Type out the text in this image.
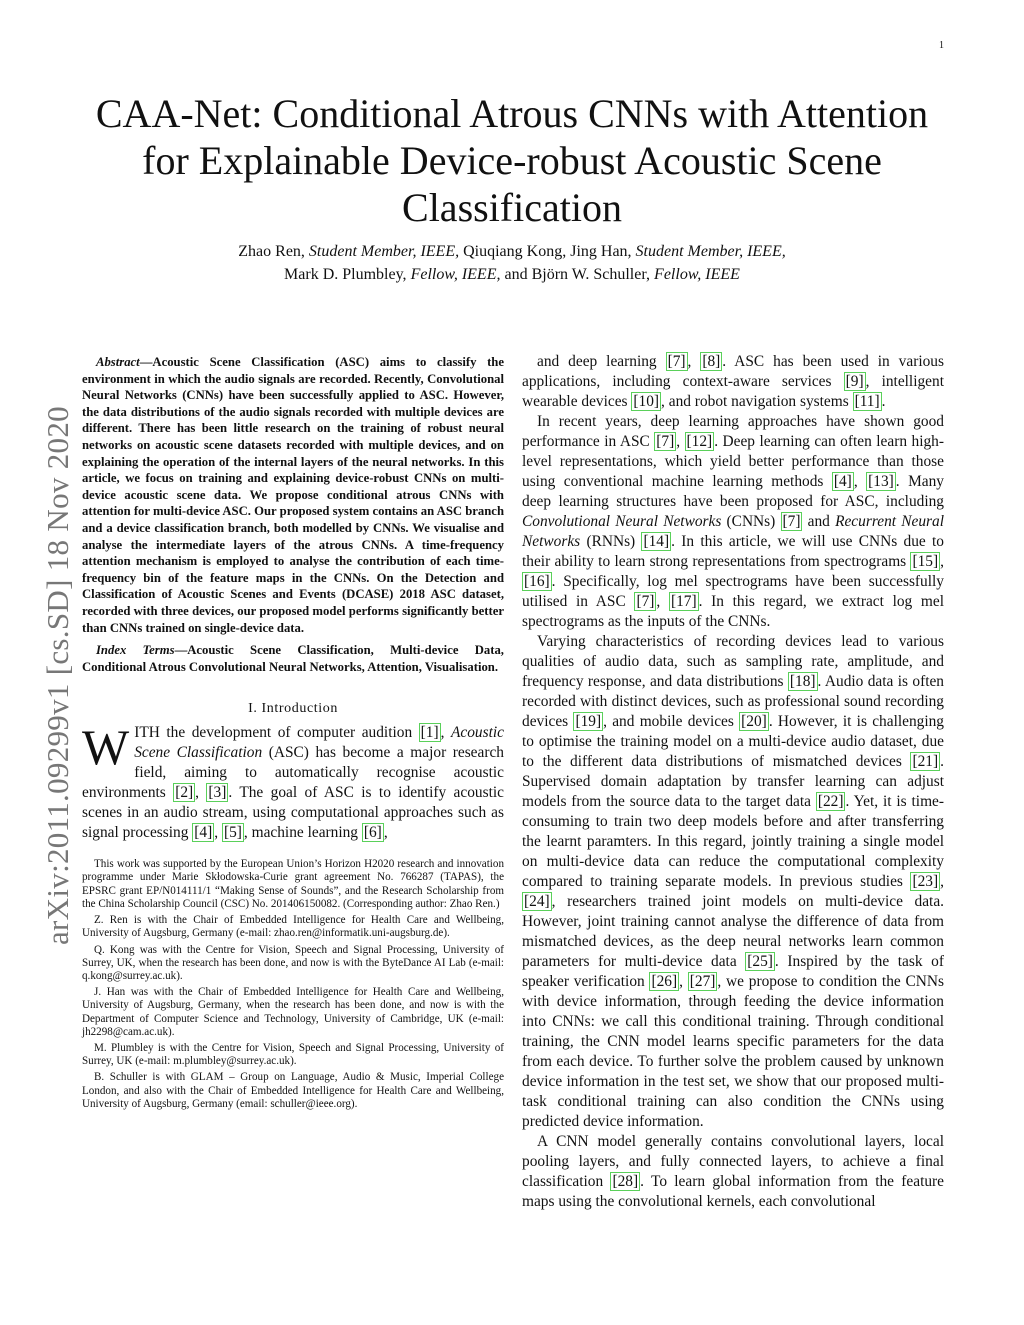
1
arXiv:2011.09299v1 [cs.SD] 18 Nov 2020
CAA-Net: Conditional Atrous CNNs with Attention for Explainable Device-robust Acoustic Scene Classification
Zhao Ren, Student Member, IEEE, Qiuqiang Kong, Jing Han, Student Member, IEEE,
Mark D. Plumbley, Fellow, IEEE, and Björn W. Schuller, Fellow, IEEE

Abstract—Acoustic Scene Classification (ASC) aims to classify the environment in which the audio signals are recorded. Recently, Convolutional Neural Networks (CNNs) have been successfully applied to ASC. However, the data distributions of the audio signals recorded with multiple devices are different. There has been little research on the training of robust neural networks on acoustic scene datasets recorded with multiple devices, and on explaining the operation of the internal layers of the neural networks. In this article, we focus on training and explaining device-robust CNNs on multi-device acoustic scene data. We propose conditional atrous CNNs with attention for multi-device ASC. Our proposed system contains an ASC branch and a device classification branch, both modelled by CNNs. We visualise and analyse the intermediate layers of the atrous CNNs. A time-frequency attention mechanism is employed to analyse the contribution of each time-frequency bin of the feature maps in the CNNs. On the Detection and Classification of Acoustic Scenes and Events (DCASE) 2018 ASC dataset, recorded with three devices, our proposed model performs significantly better than CNNs trained on single-device data.

Index Terms—Acoustic Scene Classification, Multi-device Data, Conditional Atrous Convolutional Neural Networks, Attention, Visualisation.

I. Introduction

WITH the development of computer audition [1] , Acoustic Scene Classification (ASC) has become a major research field, aiming to automatically recognise acoustic environments [2] , [3] . The goal of ASC is to identify acoustic scenes in an audio stream, using computational approaches such as signal processing [4] , [5] , machine learning [6] ,

This work was supported by the European Union’s Horizon H2020 research and innovation programme under Marie Skłodowska-Curie grant agreement No. 766287 (TAPAS), the EPSRC grant EP/N014111/1 “Making Sense of Sounds”, and the Research Scholarship from the China Scholarship Council (CSC) No. 201406150082. (Corresponding author: Zhao Ren.)

Z. Ren is with the Chair of Embedded Intelligence for Health Care and Wellbeing, University of Augsburg, Germany (e-mail: zhao.ren@informatik.uni-augsburg.de).

Q. Kong was with the Centre for Vision, Speech and Signal Processing, University of Surrey, UK, when the research has been done, and now is with the ByteDance AI Lab (e-mail: q.kong@surrey.ac.uk).

J. Han was with the Chair of Embedded Intelligence for Health Care and Wellbeing, University of Augsburg, Germany, when the research has been done, and now is with the Department of Computer Science and Technology, University of Cambridge, UK (e-mail: jh2298@cam.ac.uk).

M. Plumbley is with the Centre for Vision, Speech and Signal Processing, University of Surrey, UK (e-mail: m.plumbley@surrey.ac.uk).

B. Schuller is with GLAM – Group on Language, Audio & Music, Imperial College London, and also with the Chair of Embedded Intelligence for Health Care and Wellbeing, University of Augsburg, Germany (email: schuller@ieee.org).

and deep learning [7] , [8] . ASC has been used in various applications, including context-aware services [9] , intelligent wearable devices [10] , and robot navigation systems [11] .

In recent years, deep learning approaches have shown good performance in ASC [7] , [12] . Deep learning can often learn high-level representations, which yield better performance than those using conventional machine learning methods [4] , [13] . Many deep learning structures have been proposed for ASC, including Convolutional Neural Networks (CNNs) [7] and Recurrent Neural Networks (RNNs) [14] . In this article, we will use CNNs due to their ability to learn strong representations from spectrograms [15] , [16] . Specifically, log mel spectrograms have been successfully utilised in ASC [7] , [17] . In this regard, we extract log mel spectrograms as the inputs of the CNNs.

Varying characteristics of recording devices lead to various qualities of audio data, such as sampling rate, amplitude, and frequency response, and data distributions [18] . Audio data is often recorded with distinct devices, such as professional sound recording devices [19] , and mobile devices [20] . However, it is challenging to optimise the training model on a multi-device audio dataset, due to the different data distributions of mismatched devices [21] . Supervised domain adaptation by transfer learning can adjust models from the source data to the target data [22] . Yet, it is time-consuming to train two deep models before and after transferring the learnt paramters. In this regard, jointly training a single model on multi-device data can reduce the computational complexity compared to training separate models. In previous studies [23] , [24] , researchers trained joint models on multi-device data. However, joint training cannot analyse the difference of data from mismatched devices, as the deep neural networks learn common parameters for multi-device data [25] . Inspired by the task of speaker verification [26] , [27] , we propose to condition the CNNs with device information, through feeding the device information into CNNs: we call this conditional training. Through conditional training, the CNN model learns specific parameters for the data from each device. To further solve the problem caused by unknown device information in the test set, we show that our proposed multi-task conditional training can also condition the CNNs using predicted device information.

A CNN model generally contains convolutional layers, local pooling layers, and fully connected layers, to achieve a final classification [28] . To learn global information from the feature maps using the convolutional kernels, each convolutional
